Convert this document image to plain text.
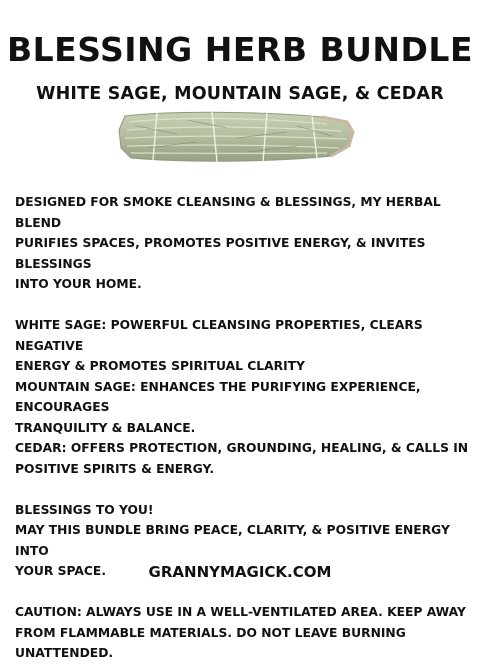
BLESSING HERB BUNDLE
WHITE SAGE, MOUNTAIN SAGE, & CEDAR

DESIGNED FOR SMOKE CLEANSING & BLESSINGS, MY HERBAL BLEND

PURIFIES SPACES, PROMOTES POSITIVE ENERGY, & INVITES BLESSINGS

INTO YOUR HOME.

WHITE SAGE: POWERFUL CLEANSING PROPERTIES, CLEARS NEGATIVE

ENERGY & PROMOTES SPIRITUAL CLARITY

MOUNTAIN SAGE: ENHANCES THE PURIFYING EXPERIENCE, ENCOURAGES

TRANQUILITY & BALANCE.

CEDAR: OFFERS PROTECTION, GROUNDING, HEALING, & CALLS IN

POSITIVE SPIRITS & ENERGY.

BLESSINGS TO YOU!

MAY THIS BUNDLE BRING PEACE, CLARITY, & POSITIVE ENERGY INTO

YOUR SPACE.

CAUTION: ALWAYS USE IN A WELL-VENTILATED AREA. KEEP AWAY

FROM FLAMMABLE MATERIALS. DO NOT LEAVE BURNING UNATTENDED.

GRANNYMAGICK.COM
